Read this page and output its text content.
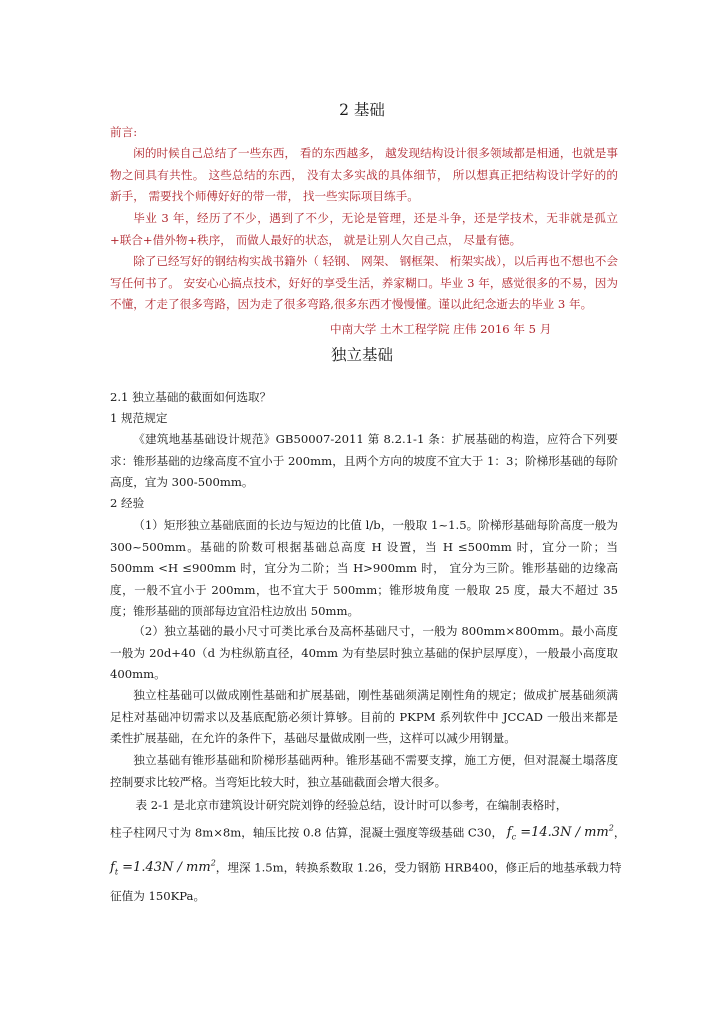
2 基础
前言:
闲的时候自己总结了一些东西， 看的东西越多， 越发现结构设计很多领域都是相通，也就是事物之间具有共性。 这些总结的东西， 没有太多实战的具体细节， 所以想真正把结构设计学好的的新手， 需要找个师傅好好的带一带， 找一些实际项目练手。
毕业 3 年，经历了不少，遇到了不少，无论是管理，还是斗争，还是学技术，无非就是孤立+联合+借外物+秩序， 而做人最好的状态， 就是让别人欠自己点， 尽量有德。
除了已经写好的钢结构实战书籍外（ 轻钢、 网架、 钢框架、 桁架实战），以后再也不想也不会写任何书了。 安安心心搞点技术，好好的享受生活，养家糊口。毕业 3 年，感觉很多的不易，因为不懂，才走了很多弯路，因为走了很多弯路,很多东西才慢慢懂。谨以此纪念逝去的毕业 3 年。
中南大学 土木工程学院 庄伟 2016 年 5 月
独立基础
2.1 独立基础的截面如何选取？
1 规范规定
《建筑地基基础设计规范》GB50007-2011 第 8.2.1-1 条：扩展基础的构造，应符合下列要求：锥形基础的边缘高度不宜小于 200mm，且两个方向的坡度不宜大于 1：3；阶梯形基础的每阶高度，宜为 300-500mm。
2 经验
（1）矩形独立基础底面的长边与短边的比值 l/b，一般取 1~1.5。阶梯形基础每阶高度一般为 300~500mm。基础的阶数可根据基础总高度 H 设置，当 H ≤500mm 时，宜分一阶；当 500mm <H ≤900mm 时，宜分为二阶；当 H>900mm 时， 宜分为三阶。锥形基础的边缘高度，一般不宜小于 200mm，也不宜大于 500mm；锥形坡角度 一般取 25 度，最大不超过 35 度；锥形基础的顶部每边宜沿柱边放出 50mm。
（2）独立基础的最小尺寸可类比承台及高杯基础尺寸，一般为 800mm×800mm。最小高度一般为 20d+40（d 为柱纵筋直径，40mm 为有垫层时独立基础的保护层厚度），一般最小高度取 400mm。
独立柱基础可以做成刚性基础和扩展基础，刚性基础须满足刚性角的规定；做成扩展基础须满足柱对基础冲切需求以及基底配筋必须计算够。目前的 PKPM 系列软件中 JCCAD 一般出来都是柔性扩展基础，在允许的条件下，基础尽量做成刚一些，这样可以减少用钢量。
独立基础有锥形基础和阶梯形基础两种。锥形基础不需要支撑，施工方便，但对混凝土塌落度控制要求比较严格。当弯矩比较大时，独立基础截面会增大很多。
表 2-1 是北京市建筑设计研究院刘铮的经验总结，设计时可以参考，在编制表格时，
柱子柱网尺寸为 8m×8m，轴压比按 0.8 估算，混凝土强度等级基础 C30， $f_c =14.3N / mm^2$，
$f_t =1.43N / mm^2$，埋深 1.5m，转换系数取 1.26，受力钢筋 HRB400，修正后的地基承载力特
征值为 150KPa。
